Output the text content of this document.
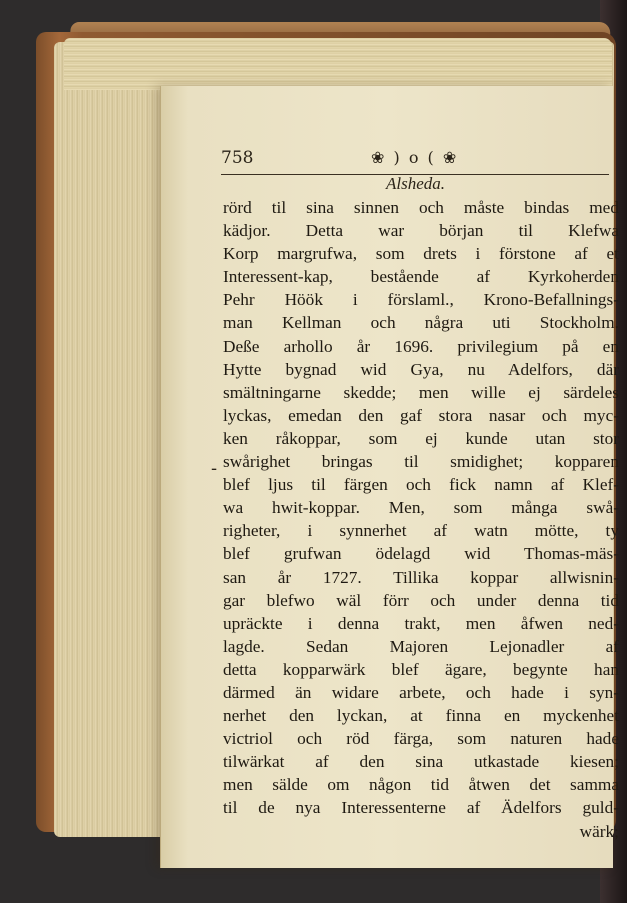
758	❀ ) o ( ❀
Alsheda.
-
rörd til sina sinnen och måste bindas med
kädjor. Detta war början til Klefwa
Korp margrufwa, som drets i förstone af et
Interessent-kap, bestående af Kyrkoherden
Pehr Höök i förslaml., Krono-Befallnings-
man Kellman och några uti Stockholm.
Deße arhollo år 1696. privilegium på en
Hytte bygnad wid Gya, nu Adelfors, där
smältningarne skedde; men wille ej särdeles
lyckas, emedan den gaf stora nasar och myc-
ken råkoppar, som ej kunde utan stor
swårighet bringas til smidighet; kopparen
blef ljus til färgen och fick namn af Klef-
wa hwit-koppar. Men, som många swå-
righeter, i synnerhet af watn mötte, ty
blef grufwan ödelagd wid Thomas-mäs-
san år 1727. Tillika koppar allwisnin-
gar blefwo wäl förr och under denna tid
upräckte i denna trakt, men åfwen ned-
lagde. Sedan Majoren Lejonadler af
detta kopparwärk blef ägare, begynte han
därmed än widare arbete, och hade i syn-
nerhet den lyckan, at finna en myckenhet
victriol och röd färga, som naturen hade
tilwärkat af den sina utkastade kiesen;
men sälde om någon tid åtwen det samma
til de nya Interessenterne af Ädelfors guld-
wärk;
